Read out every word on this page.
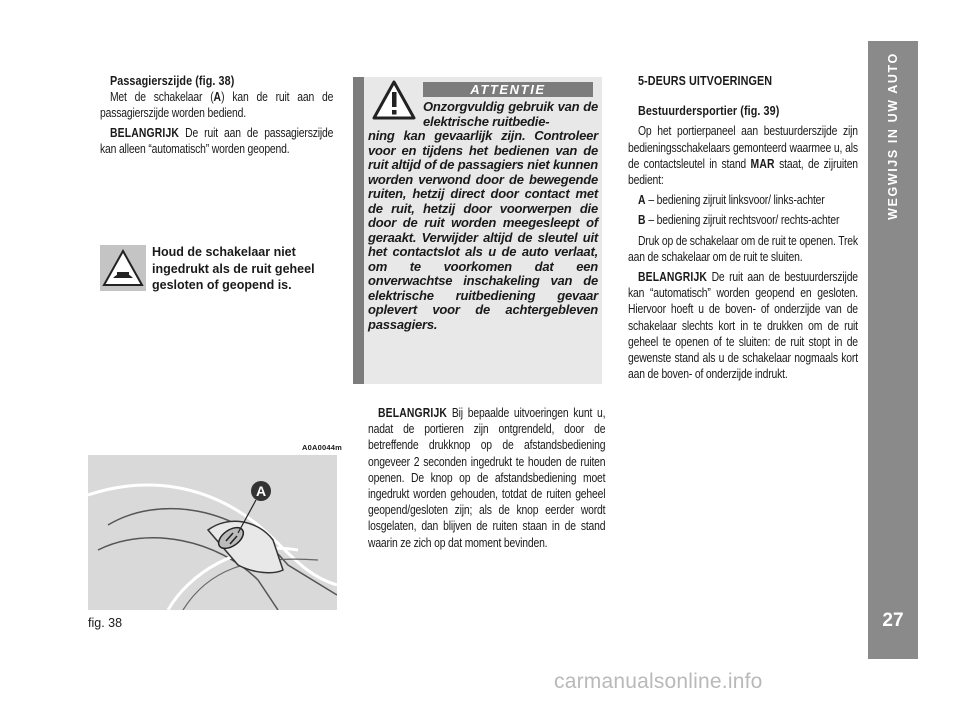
WEGWIJS IN UW AUTO
27

Passagierszijde (fig. 38)

Met de schakelaar (A) kan de ruit aan de passagierszijde worden bediend.

BELANGRIJK De ruit aan de passagierszijde kan alleen “automatisch” worden geopend.

Houd de schakelaar niet ingedrukt als de ruit geheel gesloten of geopend is.
A0A0044m
A
fig. 38
ATTENTIE
Onzorgvuldig gebruik van de elektrische ruitbedie-
ning kan gevaarlijk zijn. Controleer voor en tijdens het bedienen van de ruit altijd of de passagiers niet kunnen worden verwond door de bewegende ruiten, hetzij direct door contact met de ruit, hetzij door voorwerpen die door de ruit worden meegesleept of geraakt. Verwijder altijd de sleutel uit het contactslot als u de auto verlaat, om te voorkomen dat een onverwachtse inschakeling van de elektrische ruitbediening gevaar oplevert voor de achtergebleven passagiers.

BELANGRIJK Bij bepaalde uitvoeringen kunt u, nadat de portieren zijn ontgrendeld, door de betreffende drukknop op de afstandsbediening ongeveer 2 seconden ingedrukt te houden de ruiten openen. De knop op de afstandsbediening moet ingedrukt worden gehouden, totdat de ruiten geheel geopend/gesloten zijn; als de knop eerder wordt losgelaten, dan blijven de ruiten staan in de stand waarin ze zich op dat moment bevinden.

5-DEURS UITVOERINGEN

Bestuurdersportier (fig. 39)

Op het portierpaneel aan bestuurderszijde zijn bedieningsschakelaars gemonteerd waarmee u, als de contactsleutel in stand MAR staat, de zijruiten bedient:

A – bediening zijruit linksvoor/ links-achter

B – bediening zijruit rechtsvoor/ rechts-achter

Druk op de schakelaar om de ruit te openen. Trek aan de schakelaar om de ruit te sluiten.

BELANGRIJK De ruit aan de bestuurderszijde kan “automatisch” worden geopend en gesloten. Hiervoor hoeft u de boven- of onderzijde van de schakelaar slechts kort in te drukken om de ruit geheel te openen of te sluiten: de ruit stopt in de gewenste stand als u de schakelaar nogmaals kort aan de boven- of onderzijde indrukt.

carmanualsonline.info
